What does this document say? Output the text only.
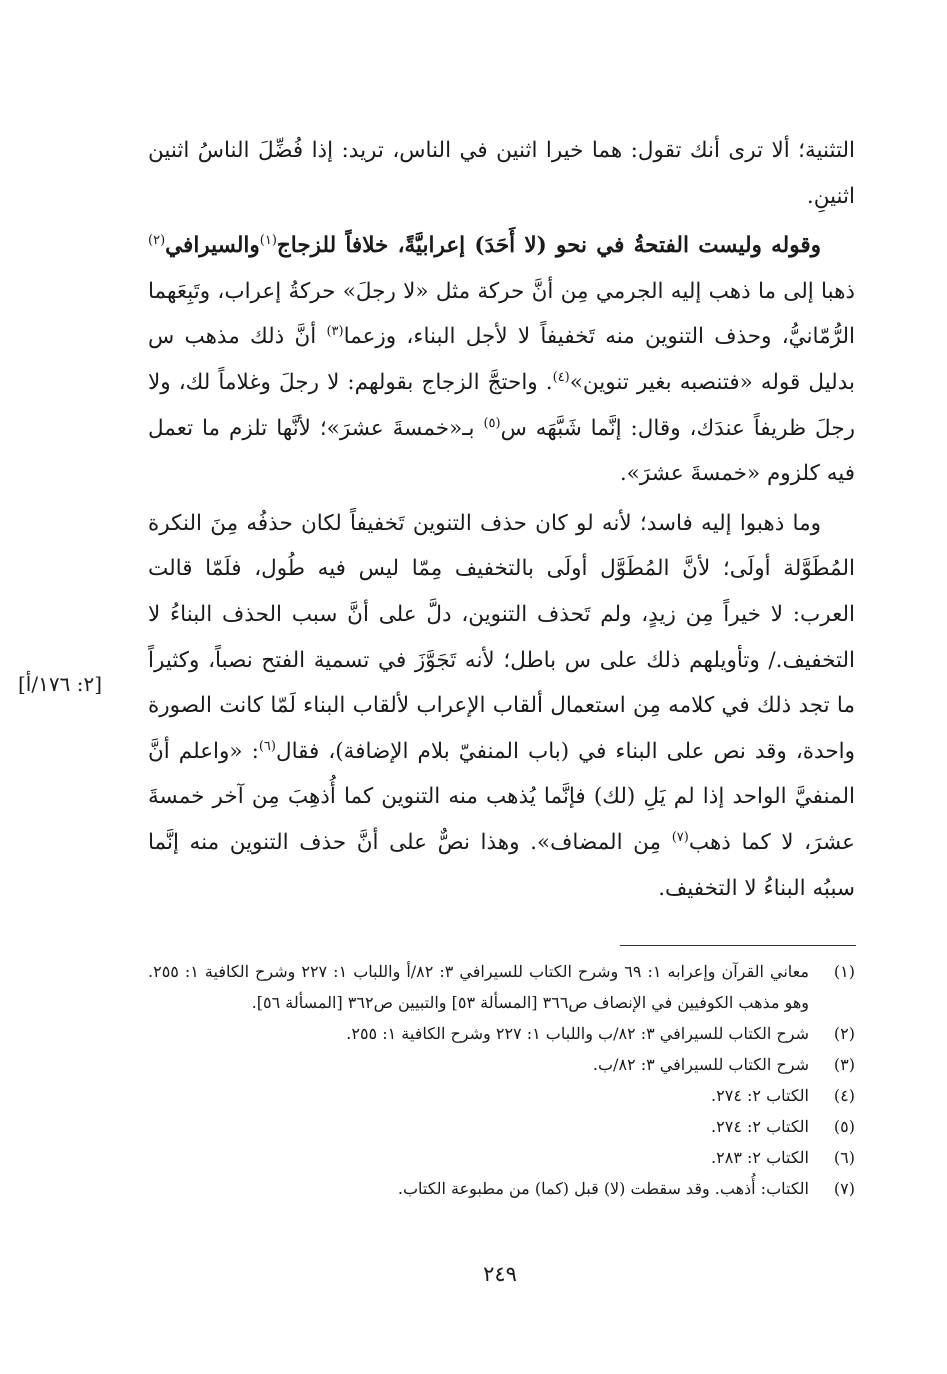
التثنية؛ ألا ترى أنك تقول: هما خيرا اثنين في الناس، تريد: إذا فُضِّلَ الناسُ اثنين اثنينِ.

وقوله وليست الفتحةُ في نحو (لا أَحَدَ) إعرابيَّةً، خلافاً للزجاج$^{(١)}$والسيرافي$^{(٢)}$ ذهبا إلى ما ذهب إليه الجرمي مِن أنَّ حركة مثل «لا رجلَ» حركةُ إعراب، وتَبِعَهما الرُّمّانيُّ، وحذف التنوين منه تَخفيفاً لا لأجل البناء، وزعما$^{(٣)}$ أنَّ ذلك مذهب س بدليل قوله «فتنصبه بغير تنوين»$^{(٤)}$. واحتجَّ الزجاج بقولهم: لا رجلَ وغلاماً لك، ولا رجلَ ظريفاً عندَك، وقال: إنَّما شَبَّهَه س$^{(٥)}$ بـ«خمسةَ عشرَ»؛ لأنَّها تلزم ما تعمل فيه كلزوم «خمسةَ عشرَ».

وما ذهبوا إليه فاسد؛ لأنه لو كان حذف التنوين تَخفيفاً لكان حذفُه مِنَ النكرة المُطَوَّلة أولَى؛ لأنَّ المُطَوَّل أولَى بالتخفيف مِمّا ليس فيه طُول، فلَمّا قالت العرب: لا خيراً مِن زيدٍ، ولم تَحذف التنوين، دلَّ على أنَّ سبب الحذف البناءُ لا التخفيف./ وتأويلهم ذلك على س باطل؛ لأنه تَجَوَّزَ في تسمية الفتح نصباً، وكثيراً ما تجد ذلك في كلامه مِن استعمال ألقاب الإعراب لألقاب البناء لَمّا كانت الصورة واحدة، وقد نص على البناء في (باب المنفيّ بلام الإضافة)، فقال$^{(٦)}$: «واعلم أنَّ المنفيَّ الواحد إذا لم يَلِ (لك) فإنَّما يُذهب منه التنوين كما أُذهِبَ مِن آخر خمسةَ عشرَ، لا كما ذهب$^{(٧)}$ مِن المضاف». وهذا نصٌّ على أنَّ حذف التنوين منه إنَّما سببُه البناءُ لا التخفيف.

[٢: ١٧٦/أ]
(١)
معاني القرآن وإعرابه ١: ٦٩ وشرح الكتاب للسيرافي ٣: ٨٢/أ واللباب ١: ٢٢٧ وشرح الكافية ١: ٢٥٥. وهو مذهب الكوفيين في الإنصاف ص٣٦٦ [المسألة ٥٣] والتبيين ص٣٦٢ [المسألة ٥٦].
(٢)
شرح الكتاب للسيرافي ٣: ٨٢/ب واللباب ١: ٢٢٧ وشرح الكافية ١: ٢٥٥.
(٣)
شرح الكتاب للسيرافي ٣: ٨٢/ب.
(٤)
الكتاب ٢: ٢٧٤.
(٥)
الكتاب ٢: ٢٧٤.
(٦)
الكتاب ٢: ٢٨٣.
(٧)
الكتاب: أُذهب. وقد سقطت (لا) قبل (كما) من مطبوعة الكتاب.
٢٤٩
